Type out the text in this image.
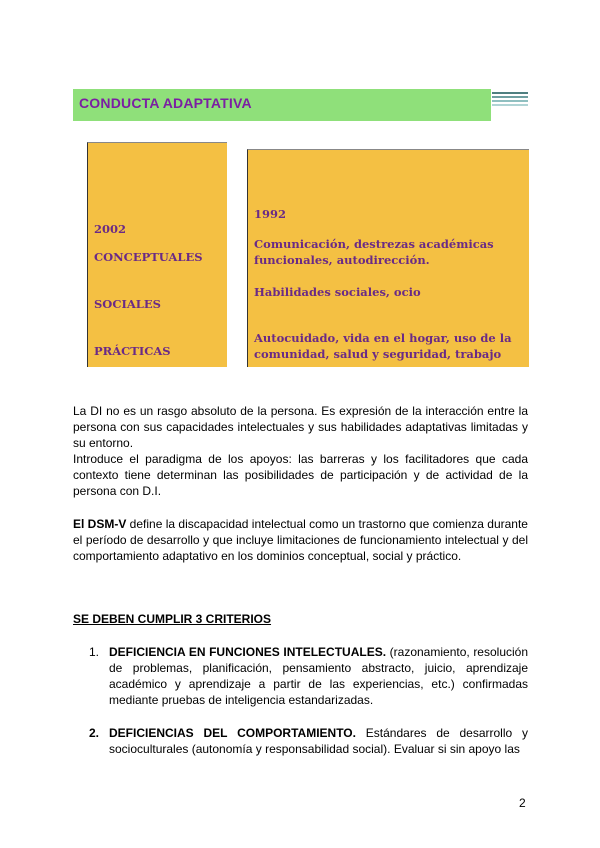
CONDUCTA ADAPTATIVA

2002

CONCEPTUALES

SOCIALES

PRÁCTICAS

1992

Comunicación, destrezas académicas funcionales, autodirección.

Habilidades sociales, ocio

Autocuidado, vida en el hogar, uso de la comunidad, salud y seguridad, trabajo

La DI no es un rasgo absoluto de la persona. Es expresión de la interacción entre la persona con sus capacidades intelectuales y sus habilidades adaptativas limitadas y su entorno.
Introduce el paradigma de los apoyos: las barreras y los facilitadores que cada contexto tiene determinan las posibilidades de participación y de actividad de la persona con D.I.
El DSM-V define la discapacidad intelectual como un trastorno que comienza durante el período de desarrollo y que incluye limitaciones de funcionamiento intelectual y del comportamiento adaptativo en los dominios conceptual, social y práctico.
SE DEBEN CUMPLIR 3 CRITERIOS
1. DEFICIENCIA EN FUNCIONES INTELECTUALES. (razonamiento, resolución de problemas, planificación, pensamiento abstracto, juicio, aprendizaje académico y aprendizaje a partir de las experiencias, etc.) confirmadas mediante pruebas de inteligencia estandarizadas.
2. DEFICIENCIAS DEL COMPORTAMIENTO. Estándares de desarrollo y socioculturales (autonomía y responsabilidad social). Evaluar si sin apoyo las
2
